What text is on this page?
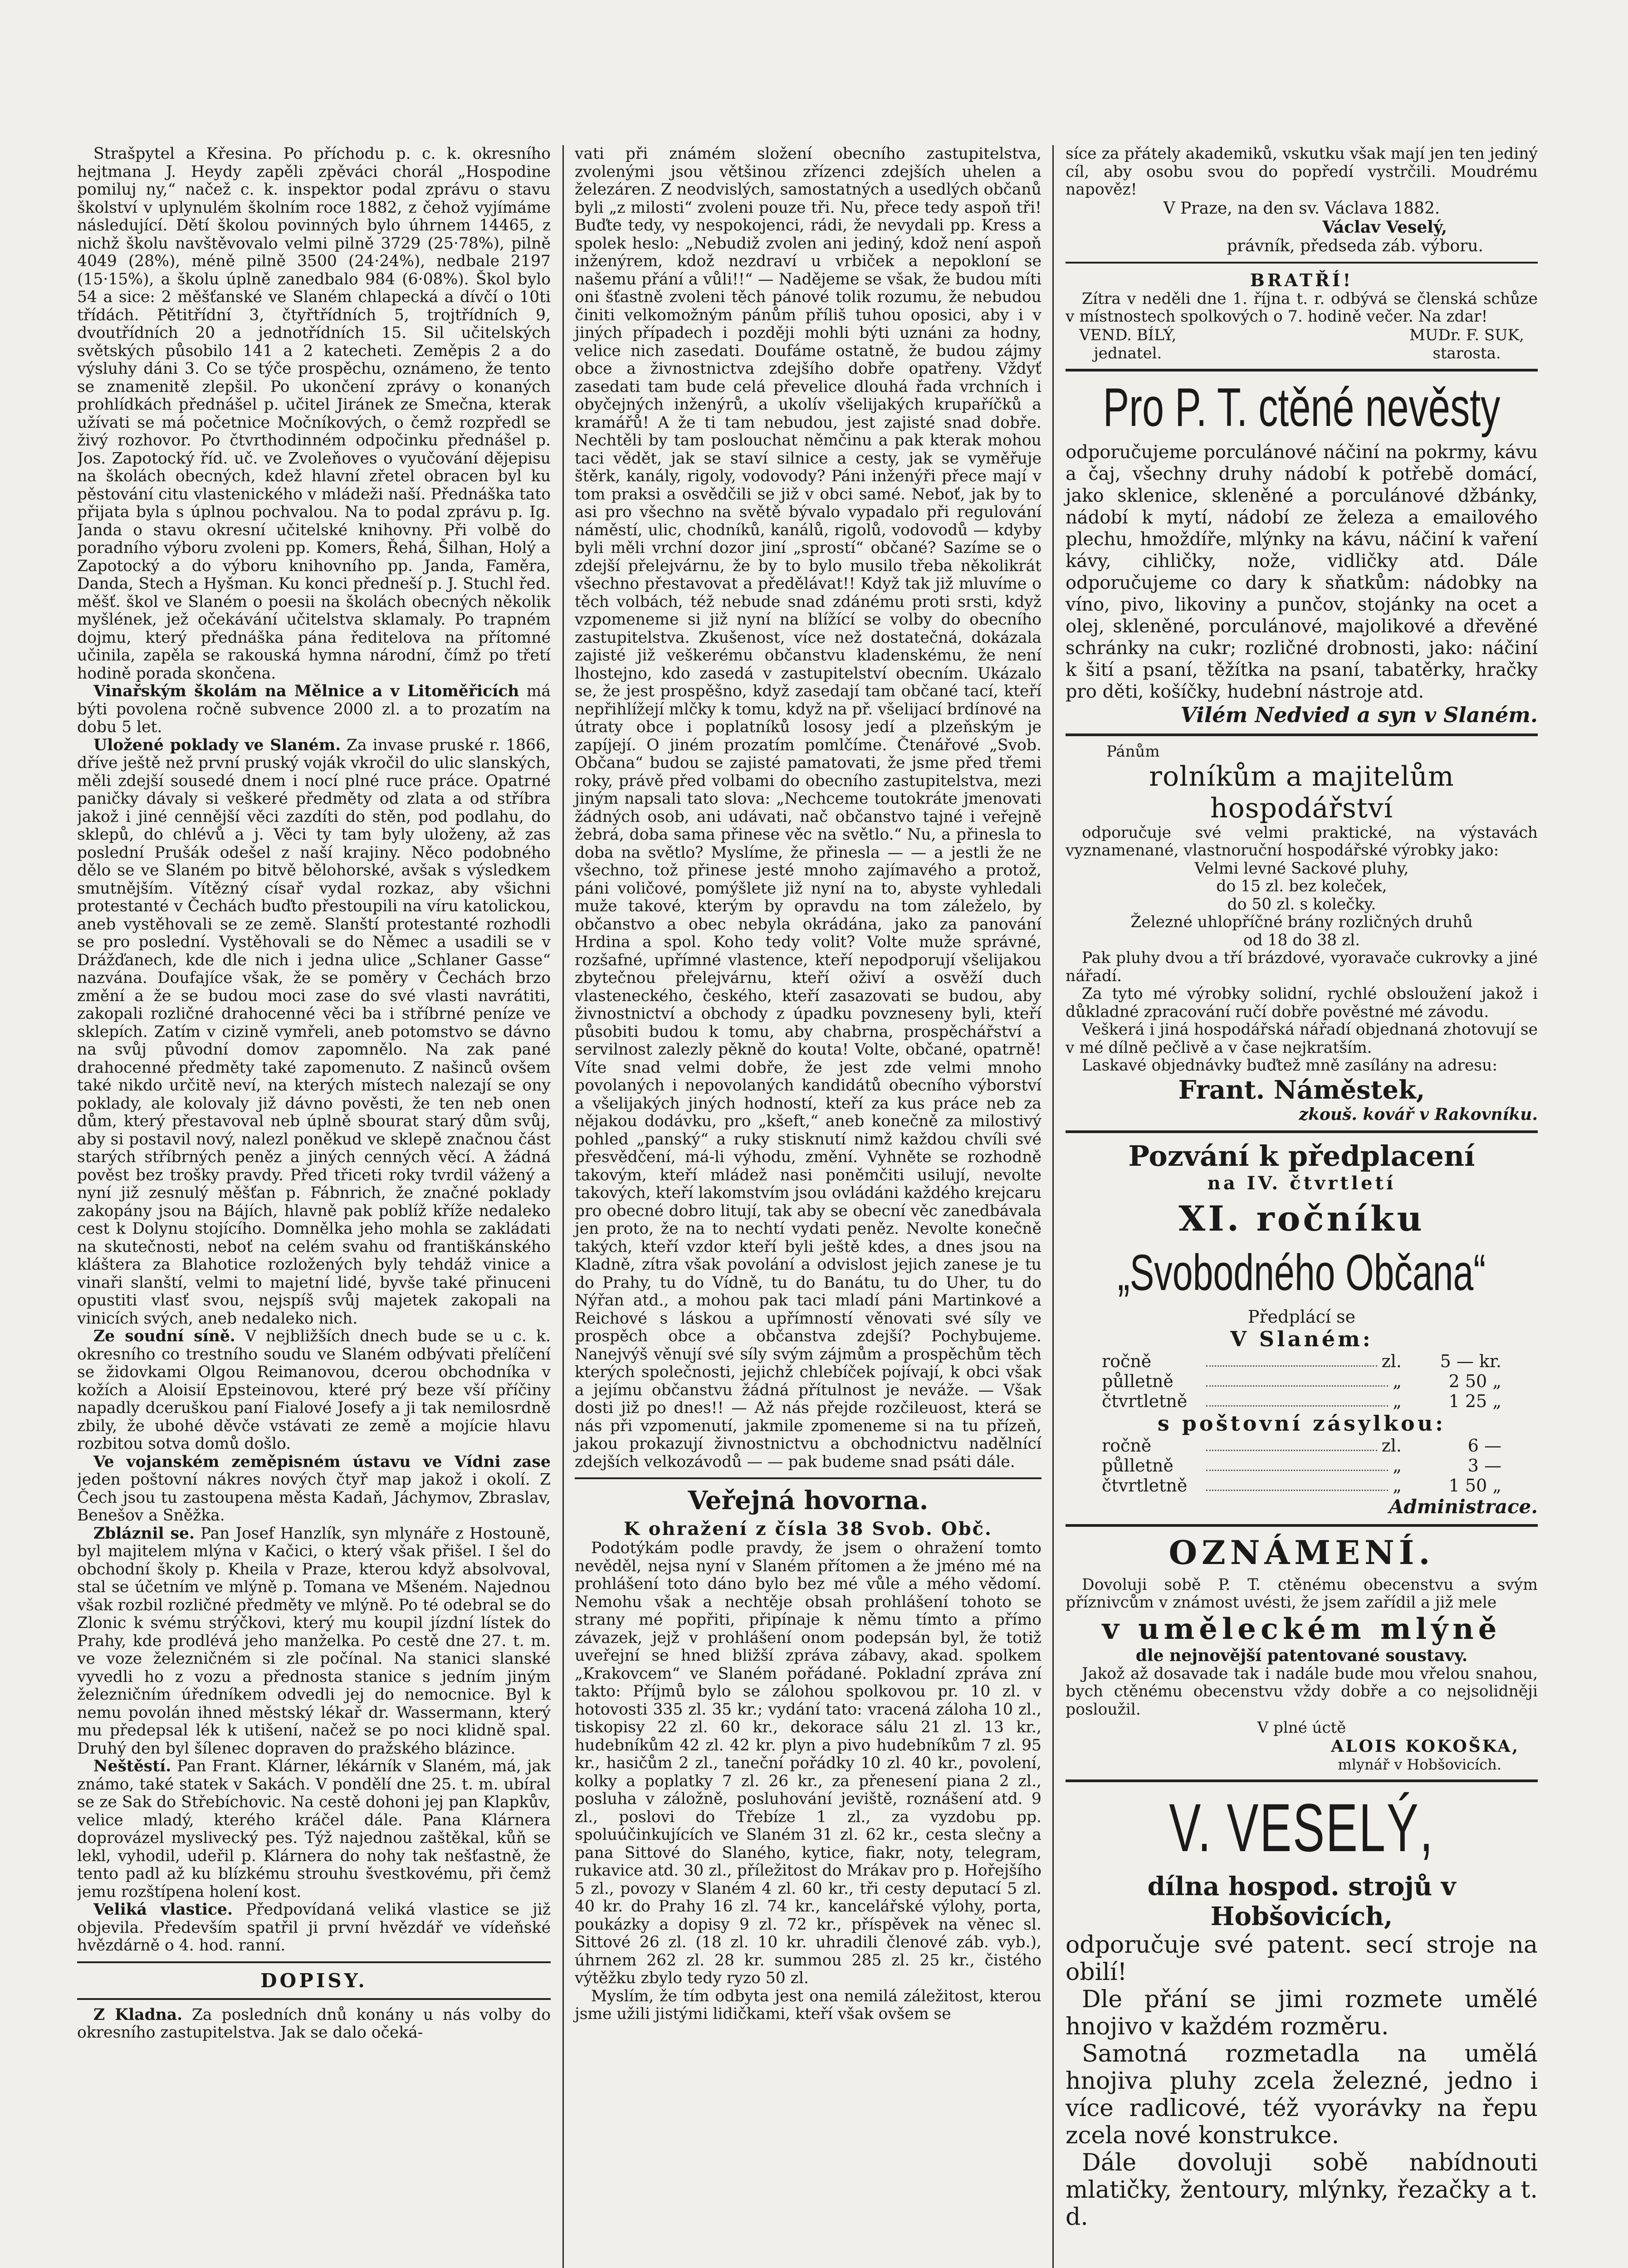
Strašpytel a Křesina. Po příchodu p. c. k. okresního hejtmana J. Heydy zapěli zpěváci chorál „Hospodine pomiluj ny,“ načež c. k. inspektor podal zprávu o stavu školství v uplynulém školním roce 1882, z čehož vyjímáme následující. Dětí školou povinných bylo úhrnem 14465, z nichž školu navštěvovalo velmi pilně 3729 (25·78%), pilně 4049 (28%), méně pilně 3500 (24·24%), nedbale 2197 (15·15%), a školu úplně zanedbalo 984 (6·08%). Škol bylo 54 a sice: 2 měšťanské ve Slaném chlapecká a dívčí o 10ti třídách. Pětitřídní 3, čtyřtřídních 5, trojtřídních 9, dvoutřídních 20 a jednotřídních 15. Sil učitelských světských působilo 141 a 2 katecheti. Zeměpis 2 a do výsluhy dáni 3. Co se týče prospěchu, oznámeno, že tento se znamenitě zlepšil. Po ukončení zprávy o konaných prohlídkách přednášel p. učitel Jiránek ze Smečna, kterak užívati se má početnice Močníkových, o čemž rozpředl se živý rozhovor. Po čtvrthodinném odpočinku přednášel p. Jos. Zapotocký říd. uč. ve Zvoleňoves o vyučování dějepisu na školách obecných, kdež hlavní zřetel obracen byl ku pěstování citu vlastenického v mládeži naší. Přednáška tato přijata byla s úplnou pochvalou. Na to podal zprávu p. Ig. Janda o stavu okresní učitelské knihovny. Při volbě do poradního výboru zvoleni pp. Komers, Řehá, Šilhan, Holý a Zapotocký a do výboru knihovního pp. Janda, Faměra, Danda, Stech a Hyšman. Ku konci předneší p. J. Stuchl řed. měšť. škol ve Slaném o poesii na školách obecných několik myšlének, jež očekávání učitelstva sklamaly. Po trapném dojmu, který přednáška pána ředitelova na přítomné učinila, zapěla se rakouská hymna národní, čímž po třetí hodině porada skončena.

Vinařským školám na Mělnice a v Litoměřicích má býti povolena ročně subvence 2000 zl. a to prozatím na dobu 5 let.

Uložené poklady ve Slaném. Za invase pruské r. 1866, dříve ještě než první pruský voják vkročil do ulic slanských, měli zdejší sousedé dnem i nocí plné ruce práce. Opatrné paničky dávaly si veškeré předměty od zlata a od stříbra jakož i jiné cennější věci zazdíti do stěn, pod podlahu, do sklepů, do chlévů a j. Věci ty tam byly uloženy, až zas poslední Prušák odešel z naší krajiny. Něco podobného dělo se ve Slaném po bitvě bělohorské, avšak s výsledkem smutnějším. Vítězný císař vydal rozkaz, aby všichni protestanté v Čechách buďto přestoupili na víru katolickou, aneb vystěhovali se ze země. Slanští protestanté rozhodli se pro poslední. Vystěhovali se do Němec a usadili se v Drážďanech, kde dle nich i jedna ulice „Schlaner Gasse“ nazvána. Doufajíce však, že se poměry v Čechách brzo změní a že se budou moci zase do své vlasti navrátiti, zakopali rozličné drahocenné věci ba i stříbrné peníze ve sklepích. Zatím v cizině vymřeli, aneb potomstvo se dávno na svůj původní domov zapomnělo. Na zak pané drahocenné předměty také zapomenuto. Z našinců ovšem také nikdo určitě neví, na kterých místech nalezají se ony poklady, ale kolovaly již dávno pověsti, že ten neb onen dům, který přestavoval neb úplně sbourat starý dům svůj, aby si postavil nový, nalezl poněkud ve sklepě značnou část starých stříbrných peněz a jiných cenných věcí. A žádná pověst bez trošky pravdy. Před třiceti roky tvrdil vážený a nyní již zesnulý měšťan p. Fábnrich, že značné poklady zakopány jsou na Bájích, hlavně pak poblíž kříže nedaleko cest k Dolynu stojícího. Domnělka jeho mohla se zakládati na skutečnosti, neboť na celém svahu od františkánského kláštera za Blahotice rozložených byly tehdáž vinice a vinaři slanští, velmi to majetní lidé, byvše také přinuceni opustiti vlasť svou, nejspíš svůj majetek zakopali na vinicích svých, aneb nedaleko nich.

Ze soudní síně. V nejbližších dnech bude se u c. k. okresního co trestního soudu ve Slaném odbývati přelíčení se židovkami Olgou Reimanovou, dcerou obchodníka v kožích a Aloisií Epsteinovou, které prý beze vší příčiny napadly dceruškou paní Fialové Josefy a ji tak nemilosrdně zbily, že ubohé děvče vstávati ze země a mojície hlavu rozbitou sotva domů došlo.

Ve vojanském zeměpisném ústavu ve Vídni zase jeden poštovní nákres nových čtyř map jakož i okolí. Z Čech jsou tu zastoupena města Kadaň, Jáchymov, Zbraslav, Benešov a Sněžka.

Zbláznil se. Pan Josef Hanzlík, syn mlynáře z Hostouně, byl majitelem mlýna v Kačici, o který však přišel. I šel do obchodní školy p. Kheila v Praze, kterou když absolvoval, stal se účetním ve mlýně p. Tomana ve Mšeném. Najednou však rozbil rozličné předměty ve mlýně. Po té odebral se do Zlonic k svému strýčkovi, který mu koupil jízdní lístek do Prahy, kde prodlévá jeho manželka. Po cestě dne 27. t. m. ve voze železničném si zle počínal. Na stanici slanské vyvedli ho z vozu a přednosta stanice s jedním jiným železničním úředníkem odvedli jej do nemocnice. Byl k nemu povolán ihned městský lékař dr. Wassermann, který mu předepsal lék k utišení, načež se po noci klidně spal. Druhý den byl šílenec dopraven do pražského blázince.

Neštěstí. Pan Frant. Klárner, lékárník v Slaném, má, jak známo, také statek v Sakách. V pondělí dne 25. t. m. ubíral se ze Sak do Střebíchovic. Na cestě dohoni jej pan Klapkův, velice mladý, kterého kráčel dále. Pana Klárnera doprovázel myslivecký pes. Týž najednou zaštěkal, kůň se lekl, vyhodil, udeřil p. Klárnera do nohy tak nešťastně, že tento padl až ku blízkému strouhu švestkovému, při čemž jemu rozštípena holení kost.

Veliká vlastice. Předpovídaná veliká vlastice se již objevila. Především spatřil ji první hvězdář ve vídeňské hvězdárně o 4. hod. ranní.

DOPISY.

Z Kladna. Za posledních dnů konány u nás volby do okresního zastupitelstva. Jak se dalo očeká-

vati při známém složení obecního zastupitelstva, zvolenými jsou většinou zřízenci zdejších uhelen a železáren. Z neodvislých, samostatných a usedlých občanů byli „z milosti“ zvoleni pouze tři. Nu, přece tedy aspoň tři! Buďte tedy, vy nespokojenci, rádi, že nevydali pp. Kress a spolek heslo: „Nebudiž zvolen ani jediný, kdož není aspoň inženýrem, kdož nezdraví u vrbiček a nepokloní se našemu přání a vůli!!“ — Nadějeme se však, že budou míti oni šťastně zvoleni těch pánové tolik rozumu, že nebudou činiti velkomožným pánům příliš tuhou oposici, aby i v jiných případech i později mohli býti uznáni za hodny, velice nich zasedati. Doufáme ostatně, že budou zájmy obce a živnostnictva zdejšího dobře opatřeny. Vždyť zasedati tam bude celá převelice dlouhá řada vrchních i obyčejných inženýrů, a ukolív všelijakých krupaříčků a kramářů! A že ti tam nebudou, jest zajisté snad dobře. Nechtěli by tam poslouchat němčinu a pak kterak mohou taci vědět, jak se staví silnice a cesty, jak se vyměřuje štěrk, kanály, rigoly, vodovody? Páni inženýři přece mají v tom praksi a osvědčili se již v obci samé. Neboť, jak by to asi pro všechno na světě bývalo vypadalo při regulování náměstí, ulic, chodníků, kanálů, rigolů, vodovodů — kdyby byli měli vrchní dozor jiní „sprostí“ občané? Sazíme se o zdejší přelejvárnu, že by to bylo musilo třeba několikrát všechno přestavovat a předělávat!! Když tak již mluvíme o těch volbách, též nebude snad zdánému proti srsti, když vzpomeneme si již nyní na blížící se volby do obecního zastupitelstva. Zkušenost, více než dostatečná, dokázala zajisté již veškerému občanstvu kladenskému, že není lhostejno, kdo zasedá v zastupitelství obecním. Ukázalo se, že jest prospěšno, když zasedají tam občané tací, kteří nepřihlížejí mlčky k tomu, když na př. všelijací brdínové na útraty obce i poplatníků lososy jedí a plzeňským je zapíjejí. O jiném prozatím pomlčíme. Čtenářové „Svob. Občana“ budou se zajisté pamatovati, že jsme před třemi roky, právě před volbami do obecního zastupitelstva, mezi jiným napsali tato slova: „Nechceme toutokráte jmenovati žádných osob, ani udávati, nač občanstvo tajné i veřejně žebrá, doba sama přinese věc na světlo.“ Nu, a přinesla to doba na světlo? Myslíme, že přinesla — — a jestli že ne všechno, tož přinese jesté mnoho zajímavého a protož, páni voličové, pomýšlete již nyní na to, abyste vyhledali muže takové, kterým by opravdu na tom záleželo, by občanstvo a obec nebyla okrádána, jako za panování Hrdina a spol. Koho tedy volit? Volte muže správné, rozšafné, upřímné vlastence, kteří nepodporují všelijakou zbytečnou přelejvárnu, kteří oživí a osvěží duch vlasteneckého, českého, kteří zasazovati se budou, aby živnostnictví a obchody z úpadku povzneseny byli, kteří působiti budou k tomu, aby chabrna, prospěchářství a servilnost zalezly pěkně do kouta! Volte, občané, opatrně! Víte snad velmi dobře, že jest zde velmi mnoho povolaných i nepovolaných kandidátů obecního výborství a všelijakých jiných hodností, kteří za kus práce neb za nějakou dodávku, pro „kšeft,“ aneb konečně za milostivý pohled „panský“ a ruky stisknutí nimž každou chvíli své přesvědčení, má-li výhodu, změní. Vyhněte se rozhodně takovým, kteří mládež nasi poněmčiti usilují, nevolte takových, kteří lakomstvím jsou ovládáni každého krejcaru pro obecné dobro litují, tak aby se obecní věc zanedbávala jen proto, že na to nechtí vydati peněz. Nevolte konečně takých, kteří vzdor kteří byli ještě kdes, a dnes jsou na Kladně, zítra však povolání a odvislost jejich zanese je tu do Prahy, tu do Vídně, tu do Banátu, tu do Uher, tu do Nýřan atd., a mohou pak taci mladí páni Martinkové a Reichové s láskou a upřímností věnovati své síly ve prospěch obce a občanstva zdejší? Pochybujeme. Nanejvýš věnují své síly svým zájmům a prospěchům těch kterých společnosti, jejichž chlebíček pojívají, k obci však a jejímu občanstvu žádná přítulnost je neváže. — Však dosti již po dnes!! — Až nás přejde rozčileuost, která se nás při vzpomenutí, jakmile zpomeneme si na tu přízeň, jakou prokazují živnostnictvu a obchodnictvu nadělnící zdejších velkozávodů — — pak budeme snad psáti dále.

Veřejná hovorna.
K ohražení z čísla 38 Svob. Obč.

Podotýkám podle pravdy, že jsem o ohražení tomto nevěděl, nejsa nyní v Slaném přítomen a že jméno mé na prohlášení toto dáno bylo bez mé vůle a mého vědomí. Nemohu však a nechtěje obsah prohlášení tohoto se strany mé popřiti, připínaje k němu tímto a přímo závazek, jejž v prohlášení onom podepsán byl, že totiž uveřejní se hned bližší zpráva zábavy, akad. spolkem „Krakovcem“ ve Slaném pořádané. Pokladní zpráva zní takto: Příjmů bylo se zálohou spolkovou pr. 10 zl. v hotovosti 335 zl. 35 kr.; vydání tato: vracená záloha 10 zl., tiskopisy 22 zl. 60 kr., dekorace sálu 21 zl. 13 kr., hudebníkům 42 zl. 42 kr. plyn a pivo hudebníkům 7 zl. 95 kr., hasičům 2 zl., taneční pořádky 10 zl. 40 kr., povolení, kolky a poplatky 7 zl. 26 kr., za přenesení piana 2 zl., posluha v záložně, posluhování jeviště, roznášení atd. 9 zl., poslovi do Třebíze 1 zl., za vyzdobu pp. spoluúčinkujících ve Slaném 31 zl. 62 kr., cesta slečny a pana Sittové do Slaného, kytice, fiakr, noty, telegram, rukavice atd. 30 zl., příležitost do Mrákav pro p. Hořejšího 5 zl., povozy v Slaném 4 zl. 60 kr., tři cesty deputací 5 zl. 40 kr. do Prahy 16 zl. 74 kr., kancelářské výlohy, porta, poukázky a dopisy 9 zl. 72 kr., příspěvek na věnec sl. Sittové 26 zl. (18 zl. 10 kr. uhradili členové záb. vyb.), úhrnem 262 zl. 28 kr. summou 285 zl. 25 kr., čistého výtěžku zbylo tedy ryzo 50 zl.

Myslím, že tím odbyta jest ona nemilá záležitost, kterou jsme užili jistými lidičkami, kteří však ovšem se

síce za přátely akademiků, vskutku však mají jen ten jediný cíl, aby osobu svou do popředí vystrčili. Moudrému napověz!

V Praze, na den sv. Václava 1882.
Václav Veselý,
právník, předseda záb. výboru.
BRATŘÍ!

Zítra v neděli dne 1. října t. r. odbývá se členská schůze v místnostech spolkových o 7. hodině večer. Na zdar!

VEND. BÍLÝ,
jednatel.
MUDr. F. SUK,
starosta.
Pro P. T. ctěné nevěsty

odporučujeme porculánové náčiní na pokrmy, kávu a čaj, všechny druhy nádobí k potřebě domácí, jako sklenice, skleněné a porculánové džbánky, nádobí k mytí, nádobí ze železa a emailového plechu, hmoždíře, mlýnky na kávu, náčiní k vaření kávy, cihličky, nože, vidličky atd. Dále odporučujeme co dary k sňatkům: nádobky na víno, pivo, likoviny a punčov, stojánky na ocet a olej, skleněné, porculánové, majolikové a dřevěné schránky na cukr; rozličné drobnosti, jako: náčiní k šití a psaní, těžítka na psaní, tabatěrky, hračky pro děti, košíčky, hudební nástroje atd.

Vilém Nedvied a syn v Slaném.
Pánům
rolníkům a majitelům hospodářství

odporučuje své velmi praktické, na výstavách vyznamenané, vlastnoruční hospodářské výrobky jako:

Velmi levné Sackové pluhy,

do 15 zl. bez koleček,

do 50 zl. s kolečky.

Železné uhlopříčné brány rozličných druhů

od 18 do 38 zl.

Pak pluhy dvou a tří brázdové, vyoravače cukrovky a jiné nářadí.

Za tyto mé výrobky solidní, rychlé obsloužení jakož i důkladné zpracování ručí dobře pověstné mé závodu.

Veškerá i jiná hospodářská nářadí objednaná zhotovují se v mé dílně pečlivě a v čase nejkratším.

Laskavé objednávky buďtež mně zasílány na adresu:

Frant. Náměstek,
zkouš. kovář v Rakovníku.
Pozvání k předplacení
na IV. čtvrtletí
XI. ročníku
„Svobodného Občana“
Předplácí se
V Slaném:
ročně	zl.	5 — kr.
půlletně	„	2 50 „
čtvrtletně	„	1 25 „
s poštovní zásylkou:
ročně	zl.	6 —
půlletně	„	3 —
čtvrtletně	„	1 50 „
Administrace.
OZNÁMENÍ.

Dovoluji sobě P. T. ctěnému obecenstvu a svým příznivcům v známost uvésti, že jsem zařídil a již mele

v uměleckém mlýně
dle nejnovější patentované soustavy.

Jakož až dosavade tak i nadále bude mou vřelou snahou, bych ctěnému obecenstvu vždy dobře a co nejsolidněji posloužil.

V plné úctě
ALOIS KOKOŠKA,
mlynář v Hobšovicích.
V. VESELÝ,
dílna hospod. strojů v Hobšovicích,

odporučuje své patent. secí stroje na obilí!

Dle přání se jimi rozmete umělé hnojivo v každém rozměru.

Samotná rozmetadla na umělá hnojiva pluhy zcela železné, jedno i více radlicové, též vyorávky na řepu zcela nové konstrukce.

Dále dovoluji sobě nabídnouti mlatičky, žentoury, mlýnky, řezačky a t. d.
